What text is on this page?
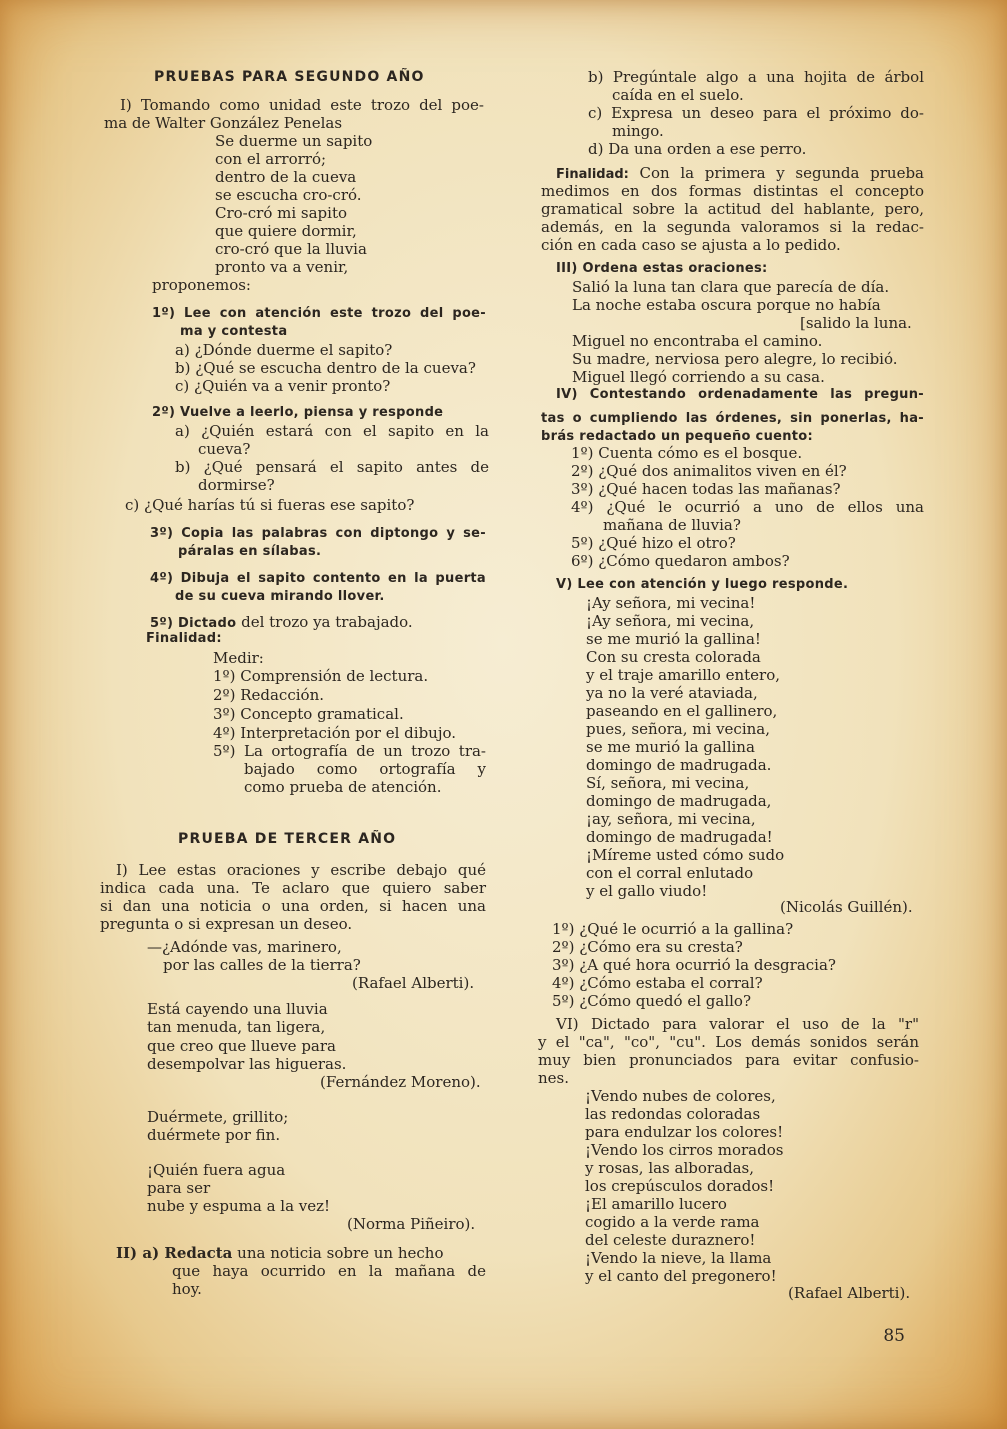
PRUEBAS PARA SEGUNDO AÑO
I) Tomando como unidad este trozo del poe-
ma de Walter González Penelas
Se duerme un sapito
con el arrorró;
dentro de la cueva
se escucha cro-cró.
Cro-cró mi sapito
que quiere dormir,
cro-cró que la lluvia
pronto va a venir,
proponemos:
1º) Lee con atención este trozo del poe-
ma y contesta
a) ¿Dónde duerme el sapito?
b) ¿Qué se escucha dentro de la cueva?
c) ¿Quién va a venir pronto?
2º) Vuelve a leerlo, piensa y responde
a) ¿Quién estará con el sapito en la
cueva?
b) ¿Qué pensará el sapito antes de
dormirse?
c) ¿Qué harías tú si fueras ese sapito?
3º) Copia las palabras con diptongo y se-
páralas en sílabas.
4º) Dibuja el sapito contento en la puerta
de su cueva mirando llover.
5º) Dictado del trozo ya trabajado.
Finalidad:
Medir:
1º) Comprensión de lectura.
2º) Redacción.
3º) Concepto gramatical.
4º) Interpretación por el dibujo.
5º) La ortografía de un trozo tra-
bajado como ortografía y
como prueba de atención.
PRUEBA DE TERCER AÑO
I) Lee estas oraciones y escribe debajo qué
indica cada una. Te aclaro que quiero saber
si dan una noticia o una orden, si hacen una
pregunta o si expresan un deseo.
—¿Adónde vas, marinero,
por las calles de la tierra?
(Rafael Alberti).
Está cayendo una lluvia
tan menuda, tan ligera,
que creo que llueve para
desempolvar las higueras.
(Fernández Moreno).
Duérmete, grillito;
duérmete por fin.
¡Quién fuera agua
para ser
nube y espuma a la vez!
(Norma Piñeiro).
II) a) Redacta una noticia sobre un hecho
que haya ocurrido en la mañana de
hoy.
b) Pregúntale algo a una hojita de árbol
caída en el suelo.
c) Expresa un deseo para el próximo do-
mingo.
d) Da una orden a ese perro.
Finalidad: Con la primera y segunda prueba
medimos en dos formas distintas el concepto
gramatical sobre la actitud del hablante, pero,
además, en la segunda valoramos si la redac-
ción en cada caso se ajusta a lo pedido.
III) Ordena estas oraciones:
Salió la luna tan clara que parecía de día.
La noche estaba oscura porque no había
[salido la luna.
Miguel no encontraba el camino.
Su madre, nerviosa pero alegre, lo recibió.
Miguel llegó corriendo a su casa.
IV) Contestando ordenadamente las pregun-
tas o cumpliendo las órdenes, sin ponerlas, ha-
brás redactado un pequeño cuento:
1º) Cuenta cómo es el bosque.
2º) ¿Qué dos animalitos viven en él?
3º) ¿Qué hacen todas las mañanas?
4º) ¿Qué le ocurrió a uno de ellos una
mañana de lluvia?
5º) ¿Qué hizo el otro?
6º) ¿Cómo quedaron ambos?
V) Lee con atención y luego responde.
¡Ay señora, mi vecina!
¡Ay señora, mi vecina,
se me murió la gallina!
Con su cresta colorada
y el traje amarillo entero,
ya no la veré ataviada,
paseando en el gallinero,
pues, señora, mi vecina,
se me murió la gallina
domingo de madrugada.
Sí, señora, mi vecina,
domingo de madrugada,
¡ay, señora, mi vecina,
domingo de madrugada!
¡Míreme usted cómo sudo
con el corral enlutado
y el gallo viudo!
(Nicolás Guillén).
1º) ¿Qué le ocurrió a la gallina?
2º) ¿Cómo era su cresta?
3º) ¿A qué hora ocurrió la desgracia?
4º) ¿Cómo estaba el corral?
5º) ¿Cómo quedó el gallo?
VI) Dictado para valorar el uso de la "r"
y el "ca", "co", "cu". Los demás sonidos serán
muy bien pronunciados para evitar confusio-
nes.
¡Vendo nubes de colores,
las redondas coloradas
para endulzar los colores!
¡Vendo los cirros morados
y rosas, las alboradas,
los crepúsculos dorados!
¡El amarillo lucero
cogido a la verde rama
del celeste duraznero!
¡Vendo la nieve, la llama
y el canto del pregonero!
(Rafael Alberti).
85
